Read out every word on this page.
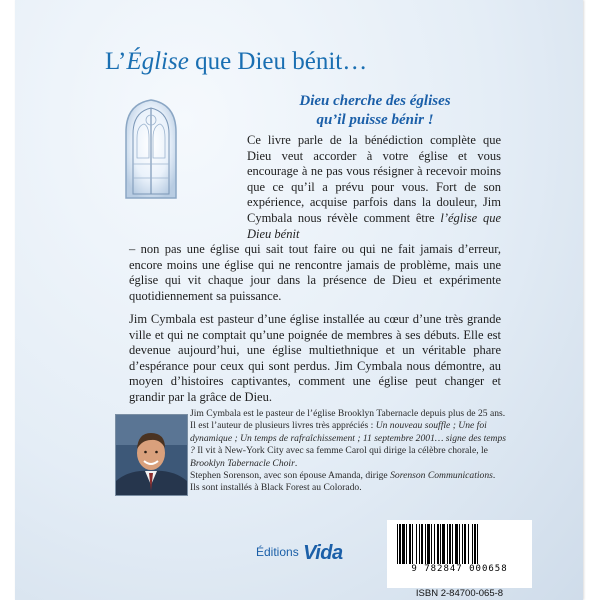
L’Église que Dieu bénit…
Dieu cherche des églises
qu’il puisse bénir !

Ce livre parle de la bénédiction complète que Dieu veut accorder à votre église et vous encourage à ne pas vous résigner à recevoir moins que ce qu’il a prévu pour vous. Fort de son expérience, acquise parfois dans la douleur, Jim Cymbala nous révèle comment être l’église que Dieu bénit

– non pas une église qui sait tout faire ou qui ne fait jamais d’erreur, encore moins une église qui ne rencontre jamais de problème, mais une église qui vit chaque jour dans la présence de Dieu et expérimente quotidiennement sa puissance.

Jim Cymbala est pasteur d’une église installée au cœur d’une très grande ville et qui ne comptait qu’une poignée de membres à ses débuts. Elle est devenue aujourd’hui, une église multiethnique et un véritable phare d’espérance pour ceux qui sont perdus. Jim Cymbala nous démontre, au moyen d’histoires captivantes, comment une église peut changer et grandir par la grâce de Dieu.

Jim Cymbala est le pasteur de l’église Brooklyn Tabernacle depuis plus de 25 ans. Il est l’auteur de plusieurs livres très appréciés : Un nouveau souffle ; Une foi dynamique ; Un temps de rafraîchissement ; 11 septembre 2001… signe des temps ? Il vit à New-York City avec sa femme Carol qui dirige la célèbre chorale, le Brooklyn Tabernacle Choir.

Stephen Sorenson, avec son épouse Amanda, dirige Sorenson Communications.

Ils sont installés à Black Forest au Colorado.

Éditions Vida
9 782847 000658
ISBN 2-84700-065-8
